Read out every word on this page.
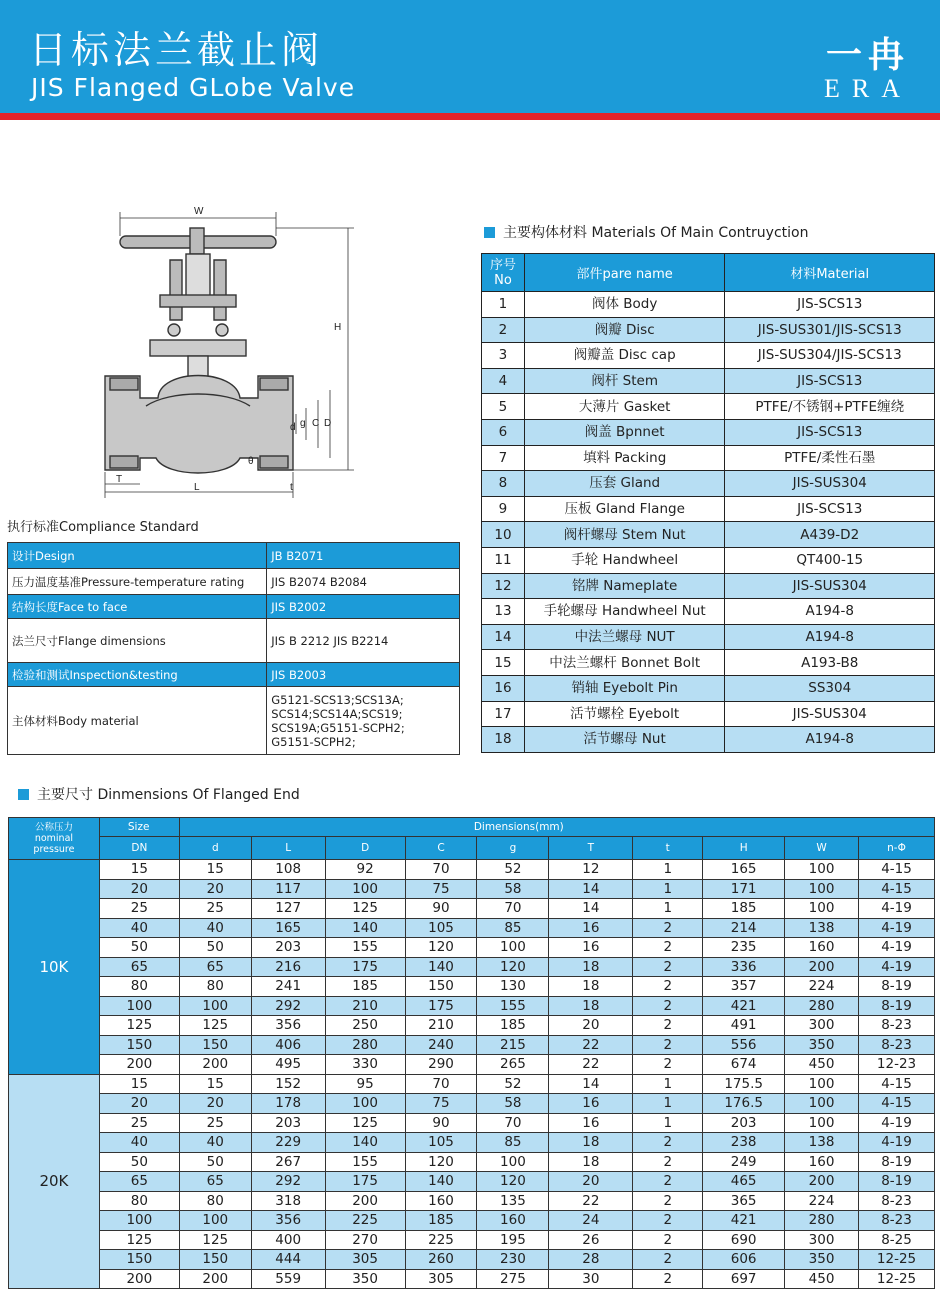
日标法兰截止阀
JIS Flanged GLobe Valve
一冉
ERA
W
H
d g C D
θ
t
T
L
主要构体材料 Materials Of Main Contruyction
序号
No	部件pare name	材料Material
1	阀体 Body	JIS-SCS13
2	阀瓣 Disc	JIS-SUS301/JIS-SCS13
3	阀瓣盖 Disc cap	JIS-SUS304/JIS-SCS13
4	阀杆 Stem	JIS-SCS13
5	大薄片 Gasket	PTFE/不锈钢+PTFE缠绕
6	阀盖 Bpnnet	JIS-SCS13
7	填料 Packing	PTFE/柔性石墨
8	压套 Gland	JIS-SUS304
9	压板 Gland Flange	JIS-SCS13
10	阀杆螺母 Stem Nut	A439-D2
11	手轮 Handwheel	QT400-15
12	铭牌 Nameplate	JIS-SUS304
13	手轮螺母 Handwheel Nut	A194-8
14	中法兰螺母 NUT	A194-8
15	中法兰螺杆 Bonnet Bolt	A193-B8
16	销轴 Eyebolt Pin	SS304
17	活节螺栓 Eyebolt	JIS-SUS304
18	活节螺母 Nut	A194-8
执行标准Compliance Standard
设计Design	JB B2071
压力温度基准Pressure-temperature rating	JIS B2074 B2084
结构长度Face to face	JIS B2002
法兰尺寸Flange dimensions	JIS B 2212 JIS B2214
检验和测试Inspection&testing	JIS B2003
主体材料Body material	G5121-SCS13;SCS13A;
SCS14;SCS14A;SCS19;
SCS19A;G5151-SCPH2;
G5151-SCPH2;
主要尺寸 Dinmensions Of Flanged End
公称压力
nominal
pressure	Size	Dimensions(mm)									
	DN	d	L	D	C	g	T	t	H	W	n-Φ
10K	15	15	108	92	70	52	12	1	165	100	4-15
	20	20	117	100	75	58	14	1	171	100	4-15
	25	25	127	125	90	70	14	1	185	100	4-19
	40	40	165	140	105	85	16	2	214	138	4-19
	50	50	203	155	120	100	16	2	235	160	4-19
	65	65	216	175	140	120	18	2	336	200	4-19
	80	80	241	185	150	130	18	2	357	224	8-19
	100	100	292	210	175	155	18	2	421	280	8-19
	125	125	356	250	210	185	20	2	491	300	8-23
	150	150	406	280	240	215	22	2	556	350	8-23
	200	200	495	330	290	265	22	2	674	450	12-23
20K	15	15	152	95	70	52	14	1	175.5	100	4-15
	20	20	178	100	75	58	16	1	176.5	100	4-15
	25	25	203	125	90	70	16	1	203	100	4-19
	40	40	229	140	105	85	18	2	238	138	4-19
	50	50	267	155	120	100	18	2	249	160	8-19
	65	65	292	175	140	120	20	2	465	200	8-19
	80	80	318	200	160	135	22	2	365	224	8-23
	100	100	356	225	185	160	24	2	421	280	8-23
	125	125	400	270	225	195	26	2	690	300	8-25
	150	150	444	305	260	230	28	2	606	350	12-25
	200	200	559	350	305	275	30	2	697	450	12-25
